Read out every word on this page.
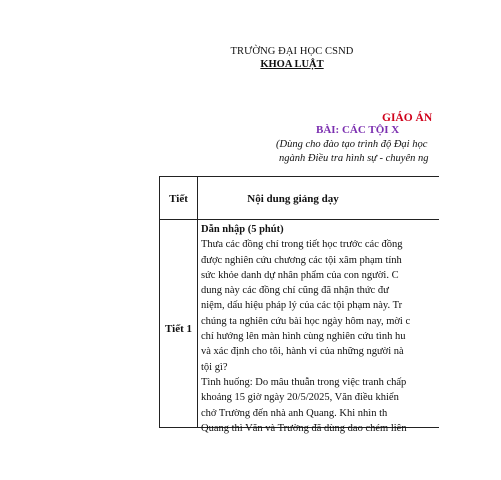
TRƯỜNG ĐẠI HỌC CSND
KHOA LUẬT
GIÁO ÁN
BÀI: CÁC TỘI X
(Dùng cho đào tạo trình độ Đại học
ngành Điều tra hình sự - chuyên ng
Tiết	Nội dung giảng dạy
Tiết 1
Dẫn nhập (5 phút)
Thưa các đồng chí trong tiết học trước các đồng
được nghiên cứu chương các tội xâm phạm tính
sức khỏe danh dự nhân phẩm của con người. C
dung này các đồng chí cũng đã nhận thức đư
niệm, dấu hiệu pháp lý của các tội phạm này. Tr
chúng ta nghiên cứu bài học ngày hôm nay, mời c
chí hướng lên màn hình cùng nghiên cứu tình hu
và xác định cho tôi, hành vi của những người nà
tội gì?
Tình huống: Do mâu thuẫn trong việc tranh chấp
khoảng 15 giờ ngày 20/5/2025, Văn điều khiển
chở Trường đến nhà anh Quang. Khi nhìn th
Quang thì Văn và Trường đã dùng dao chém liên
